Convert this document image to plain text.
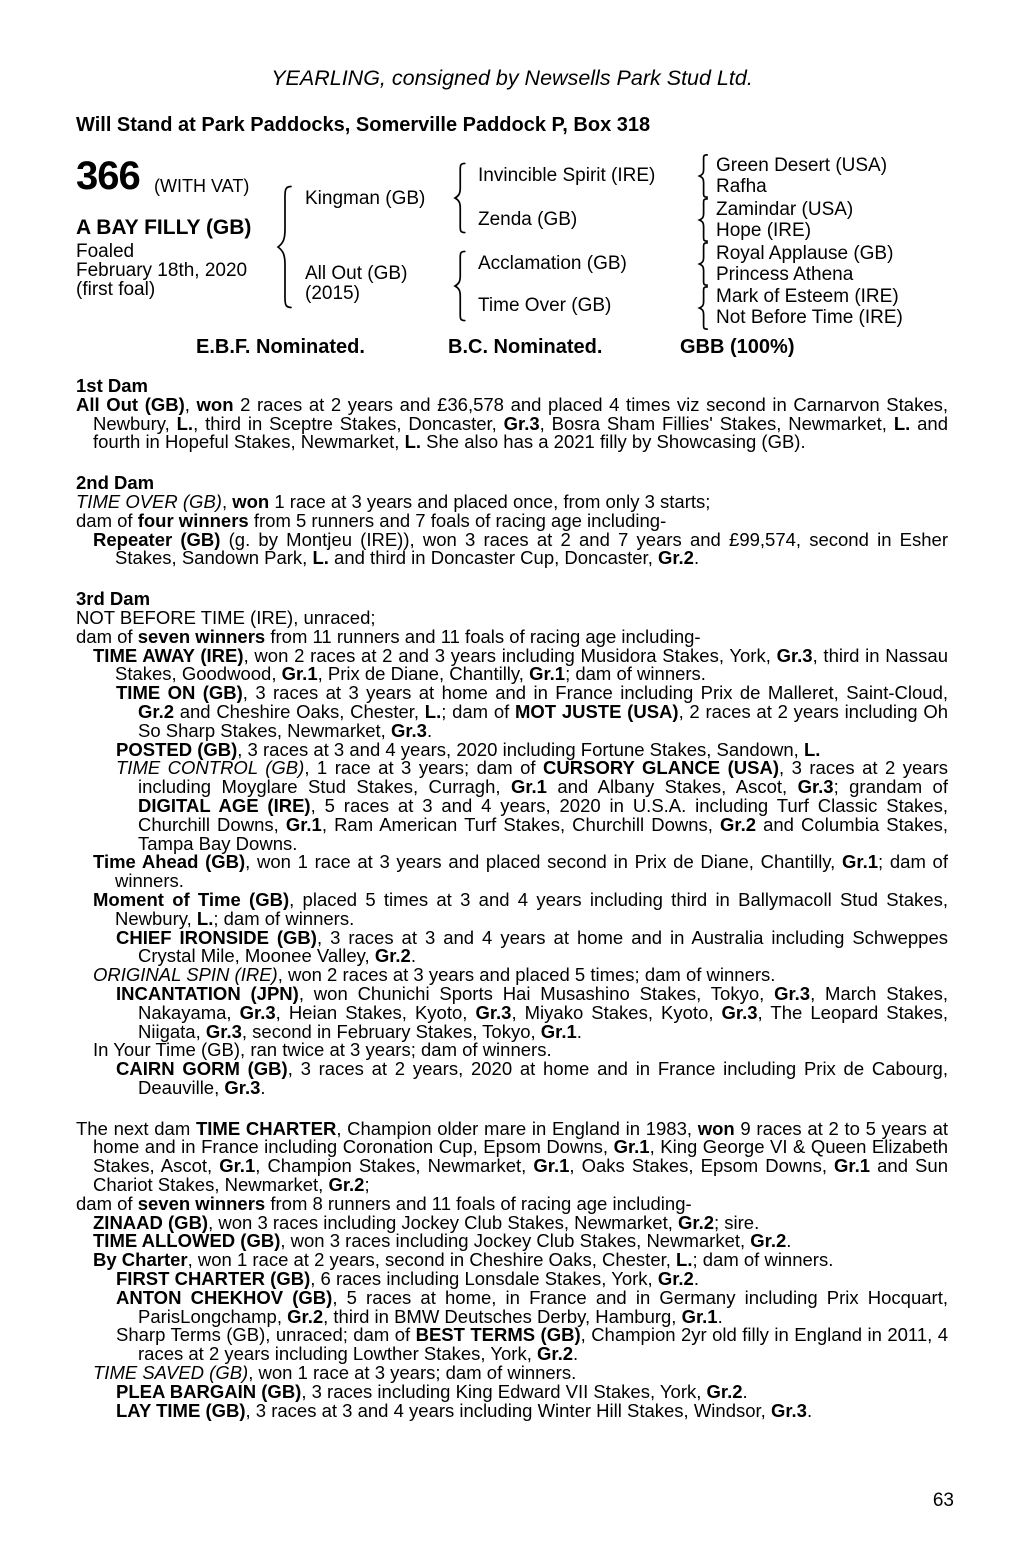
YEARLING, consigned by Newsells Park Stud Ltd.
Will Stand at Park Paddocks, Somerville Paddock P, Box 318
366 (WITH VAT)
A BAY FILLY (GB)
Foaled
February 18th, 2020
(first foal)
Kingman (GB)
All Out (GB)
(2015)
Invincible Spirit (IRE)
Zenda (GB)
Acclamation (GB)
Time Over (GB)
Green Desert (USA)
Rafha
Zamindar (USA)
Hope (IRE)
Royal Applause (GB)
Princess Athena
Mark of Esteem (IRE)
Not Before Time (IRE)
E.B.F. Nominated.	B.C. Nominated.	GBB (100%)

1st Dam

All Out (GB), won 2 races at 2 years and £36,578 and placed 4 times viz second in Carnarvon Stakes, Newbury, L., third in Sceptre Stakes, Doncaster, Gr.3, Bosra Sham Fillies' Stakes, Newmarket, L. and fourth in Hopeful Stakes, Newmarket, L. She also has a 2021 filly by Showcasing (GB).

2nd Dam

TIME OVER (GB), won 1 race at 3 years and placed once, from only 3 starts;

dam of four winners from 5 runners and 7 foals of racing age including-

Repeater (GB) (g. by Montjeu (IRE)), won 3 races at 2 and 7 years and £99,574, second in Esher Stakes, Sandown Park, L. and third in Doncaster Cup, Doncaster, Gr.2.

3rd Dam

NOT BEFORE TIME (IRE), unraced;

dam of seven winners from 11 runners and 11 foals of racing age including-

TIME AWAY (IRE), won 2 races at 2 and 3 years including Musidora Stakes, York, Gr.3, third in Nassau Stakes, Goodwood, Gr.1, Prix de Diane, Chantilly, Gr.1; dam of winners.

TIME ON (GB), 3 races at 3 years at home and in France including Prix de Malleret, Saint-Cloud, Gr.2 and Cheshire Oaks, Chester, L.; dam of MOT JUSTE (USA), 2 races at 2 years including Oh So Sharp Stakes, Newmarket, Gr.3.

POSTED (GB), 3 races at 3 and 4 years, 2020 including Fortune Stakes, Sandown, L.

TIME CONTROL (GB), 1 race at 3 years; dam of CURSORY GLANCE (USA), 3 races at 2 years including Moyglare Stud Stakes, Curragh, Gr.1 and Albany Stakes, Ascot, Gr.3; grandam of DIGITAL AGE (IRE), 5 races at 3 and 4 years, 2020 in U.S.A. including Turf Classic Stakes, Churchill Downs, Gr.1, Ram American Turf Stakes, Churchill Downs, Gr.2 and Columbia Stakes, Tampa Bay Downs.

Time Ahead (GB), won 1 race at 3 years and placed second in Prix de Diane, Chantilly, Gr.1; dam of winners.

Moment of Time (GB), placed 5 times at 3 and 4 years including third in Ballymacoll Stud Stakes, Newbury, L.; dam of winners.

CHIEF IRONSIDE (GB), 3 races at 3 and 4 years at home and in Australia including Schweppes Crystal Mile, Moonee Valley, Gr.2.

ORIGINAL SPIN (IRE), won 2 races at 3 years and placed 5 times; dam of winners.

INCANTATION (JPN), won Chunichi Sports Hai Musashino Stakes, Tokyo, Gr.3, March Stakes, Nakayama, Gr.3, Heian Stakes, Kyoto, Gr.3, Miyako Stakes, Kyoto, Gr.3, The Leopard Stakes, Niigata, Gr.3, second in February Stakes, Tokyo, Gr.1.

In Your Time (GB), ran twice at 3 years; dam of winners.

CAIRN GORM (GB), 3 races at 2 years, 2020 at home and in France including Prix de Cabourg, Deauville, Gr.3.

The next dam TIME CHARTER, Champion older mare in England in 1983, won 9 races at 2 to 5 years at home and in France including Coronation Cup, Epsom Downs, Gr.1, King George VI & Queen Elizabeth Stakes, Ascot, Gr.1, Champion Stakes, Newmarket, Gr.1, Oaks Stakes, Epsom Downs, Gr.1 and Sun Chariot Stakes, Newmarket, Gr.2;

dam of seven winners from 8 runners and 11 foals of racing age including-

ZINAAD (GB), won 3 races including Jockey Club Stakes, Newmarket, Gr.2; sire.

TIME ALLOWED (GB), won 3 races including Jockey Club Stakes, Newmarket, Gr.2.

By Charter, won 1 race at 2 years, second in Cheshire Oaks, Chester, L.; dam of winners.

FIRST CHARTER (GB), 6 races including Lonsdale Stakes, York, Gr.2.

ANTON CHEKHOV (GB), 5 races at home, in France and in Germany including Prix Hocquart, ParisLongchamp, Gr.2, third in BMW Deutsches Derby, Hamburg, Gr.1.

Sharp Terms (GB), unraced; dam of BEST TERMS (GB), Champion 2yr old filly in England in 2011, 4 races at 2 years including Lowther Stakes, York, Gr.2.

TIME SAVED (GB), won 1 race at 3 years; dam of winners.

PLEA BARGAIN (GB), 3 races including King Edward VII Stakes, York, Gr.2.

LAY TIME (GB), 3 races at 3 and 4 years including Winter Hill Stakes, Windsor, Gr.3.

63
